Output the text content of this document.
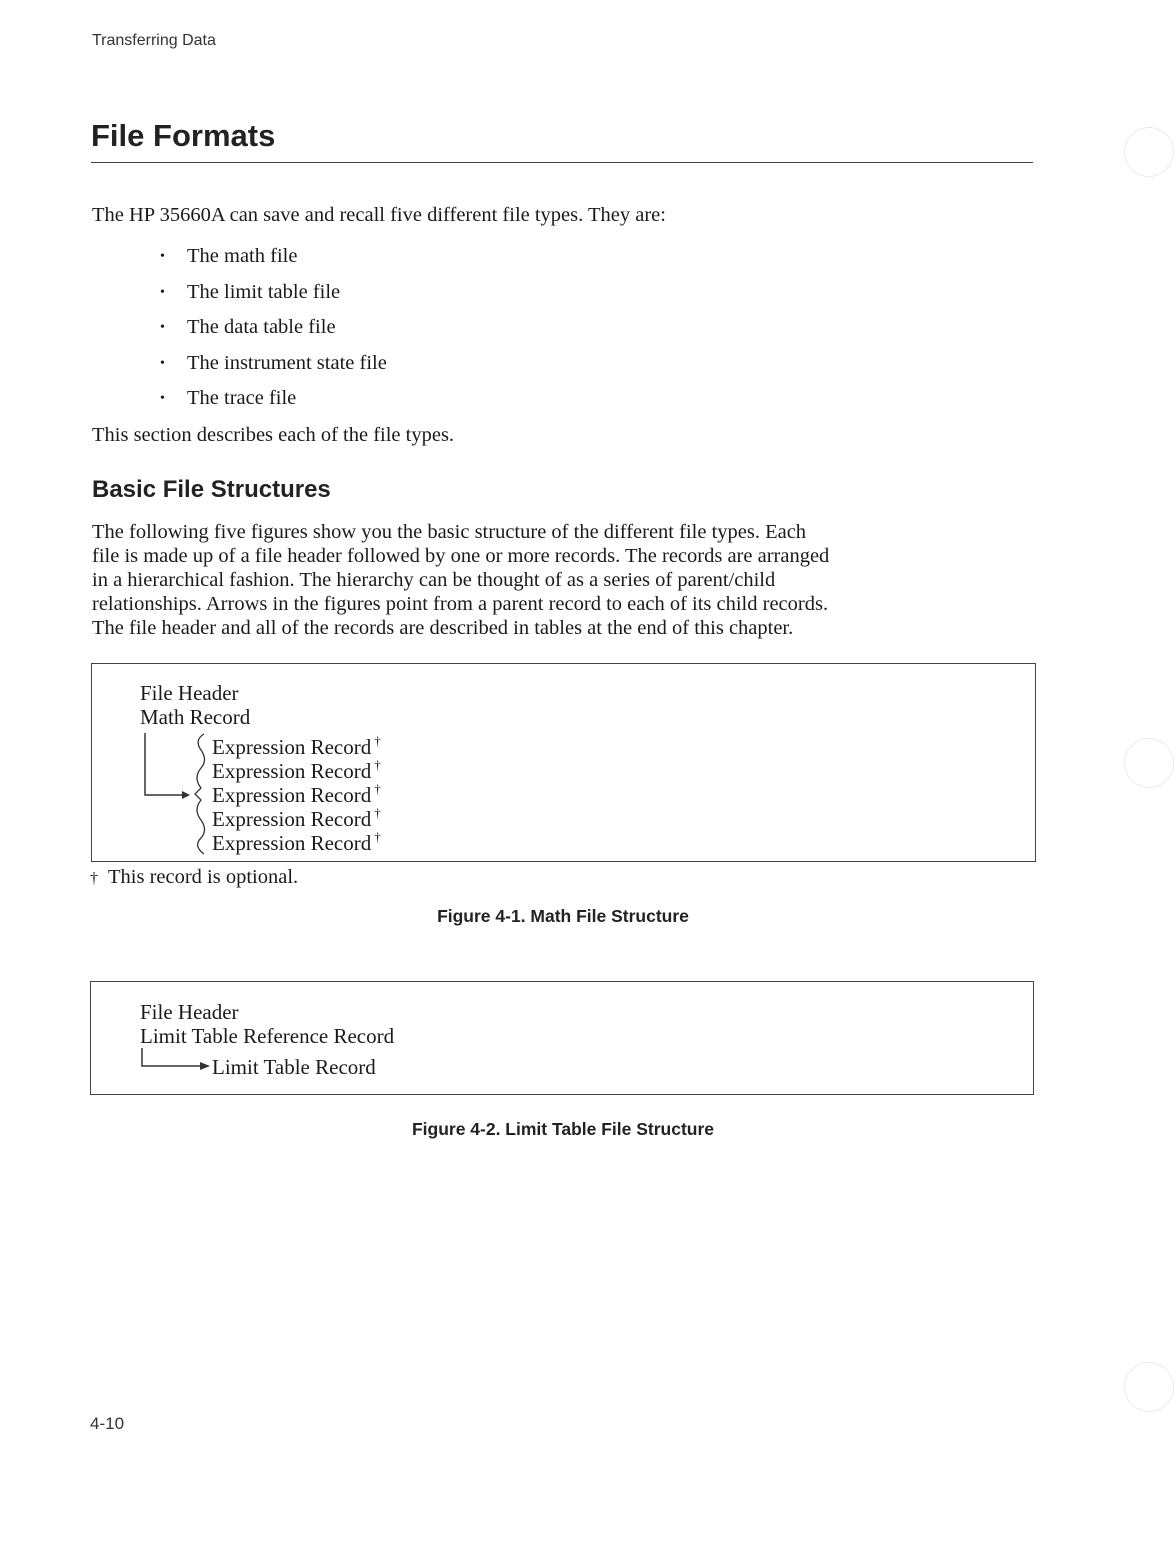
Transferring Data
File Formats
The HP 35660A can save and recall five different file types. They are:
• The math file
• The limit table file
• The data table file
• The instrument state file
• The trace file
This section describes each of the file types.
Basic File Structures
The following five figures show you the basic structure of the different file types. Each
file is made up of a file header followed by one or more records. The records are arranged
in a hierarchical fashion. The hierarchy can be thought of as a series of parent/child
relationships. Arrows in the figures point from a parent record to each of its child records.
The file header and all of the records are described in tables at the end of this chapter.
File Header
Math Record
Expression Record †
Expression Record †
Expression Record †
Expression Record †
Expression Record †
† This record is optional.
Figure 4-1. Math File Structure
File Header
Limit Table Reference Record
Limit Table Record
Figure 4-2. Limit Table File Structure
4-10
